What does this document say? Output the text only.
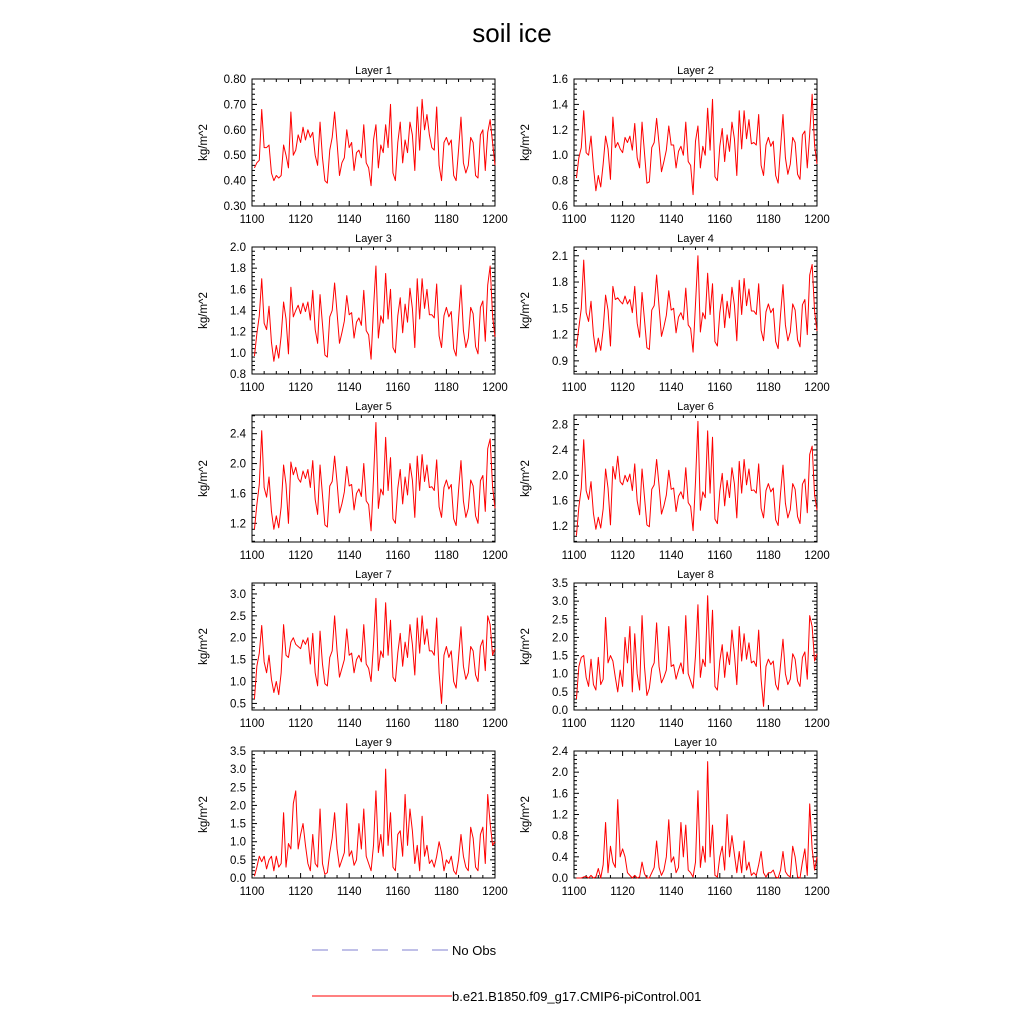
soil ice
Layer 1
1100 1120 1140 1160 1180 1200
0.30
0.40
0.50
0.60
0.70
0.80
kg/m^2
Layer 2
1100 1120 1140 1160 1180 1200
0.6
0.8
1.0
1.2
1.4
1.6
kg/m^2
Layer 3
1100 1120 1140 1160 1180 1200
0.8
1.0
1.2
1.4
1.6
1.8
2.0
kg/m^2
Layer 4
1100 1120 1140 1160 1180 1200
0.9
1.2
1.5
1.8
2.1
kg/m^2
Layer 5
1100 1120 1140 1160 1180 1200
1.2
1.6
2.0
2.4
kg/m^2
Layer 6
1100 1120 1140 1160 1180 1200
1.2
1.6
2.0
2.4
2.8
kg/m^2
Layer 7
1100 1120 1140 1160 1180 1200
0.5
1.0
1.5
2.0
2.5
3.0
kg/m^2
Layer 8
1100 1120 1140 1160 1180 1200
0.0
0.5
1.0
1.5
2.0
2.5
3.0
3.5
kg/m^2
Layer 9
1100 1120 1140 1160 1180 1200
0.0
0.5
1.0
1.5
2.0
2.5
3.0
3.5
kg/m^2
Layer 10
1100 1120 1140 1160 1180 1200
0.0
0.4
0.8
1.2
1.6
2.0
2.4
kg/m^2
No Obs
b.e21.B1850.f09_g17.CMIP6-piControl.001
